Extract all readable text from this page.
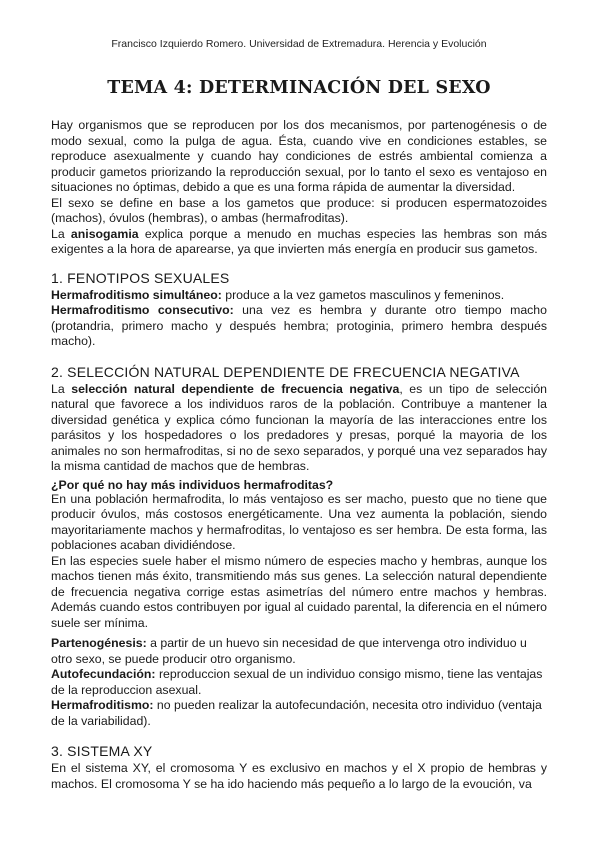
Francisco Izquierdo Romero. Universidad de Extremadura. Herencia y Evolución
TEMA 4: DETERMINACIÓN DEL SEXO

Hay organismos que se reproducen por los dos mecanismos, por partenogénesis o de modo sexual, como la pulga de agua. Ésta, cuando vive en condiciones estables, se reproduce asexualmente y cuando hay condiciones de estrés ambiental comienza a producir gametos priorizando la reproducción sexual, por lo tanto el sexo es ventajoso en situaciones no óptimas, debido a que es una forma rápida de aumentar la diversidad.

El sexo se define en base a los gametos que produce: si producen espermatozoides (machos), óvulos (hembras), o ambas (hermafroditas).

La anisogamia explica porque a menudo en muchas especies las hembras son más exigentes a la hora de aparearse, ya que invierten más energía en producir sus gametos.

1. FENOTIPOS SEXUALES

Hermafroditismo simultáneo: produce a la vez gametos masculinos y femeninos.

Hermafroditismo consecutivo: una vez es hembra y durante otro tiempo macho (protandria, primero macho y después hembra; protoginia, primero hembra después macho).

2. SELECCIÓN NATURAL DEPENDIENTE DE FRECUENCIA NEGATIVA

La selección natural dependiente de frecuencia negativa, es un tipo de selección natural que favorece a los individuos raros de la población. Contribuye a mantener la diversidad genética y explica cómo funcionan la mayoría de las interacciones entre los parásitos y los hospedadores o los predadores y presas, porqué la mayoria de los animales no son hermafroditas, si no de sexo separados, y porqué una vez separados hay la misma cantidad de machos que de hembras.

¿Por qué no hay más individuos hermafroditas?

En una población hermafrodita, lo más ventajoso es ser macho, puesto que no tiene que producir óvulos, más costosos energéticamente. Una vez aumenta la población, siendo mayoritariamente machos y hermafroditas, lo ventajoso es ser hembra. De esta forma, las poblaciones acaban dividiéndose.

En las especies suele haber el mismo número de especies macho y hembras, aunque los machos tienen más éxito, transmitiendo más sus genes. La selección natural dependiente de frecuencia negativa corrige estas asimetrías del número entre machos y hembras. Además cuando estos contribuyen por igual al cuidado parental, la diferencia en el número suele ser mínima.

Partenogénesis: a partir de un huevo sin necesidad de que intervenga otro individuo u otro sexo, se puede producir otro organismo.

Autofecundación: reproduccion sexual de un individuo consigo mismo, tiene las ventajas de la reproduccion asexual.

Hermafroditismo: no pueden realizar la autofecundación, necesita otro individuo (ventaja de la variabilidad).

3. SISTEMA XY

En el sistema XY, el cromosoma Y es exclusivo en machos y el X propio de hembras y machos. El cromosoma Y se ha ido haciendo más pequeño a lo largo de la evoución, va
